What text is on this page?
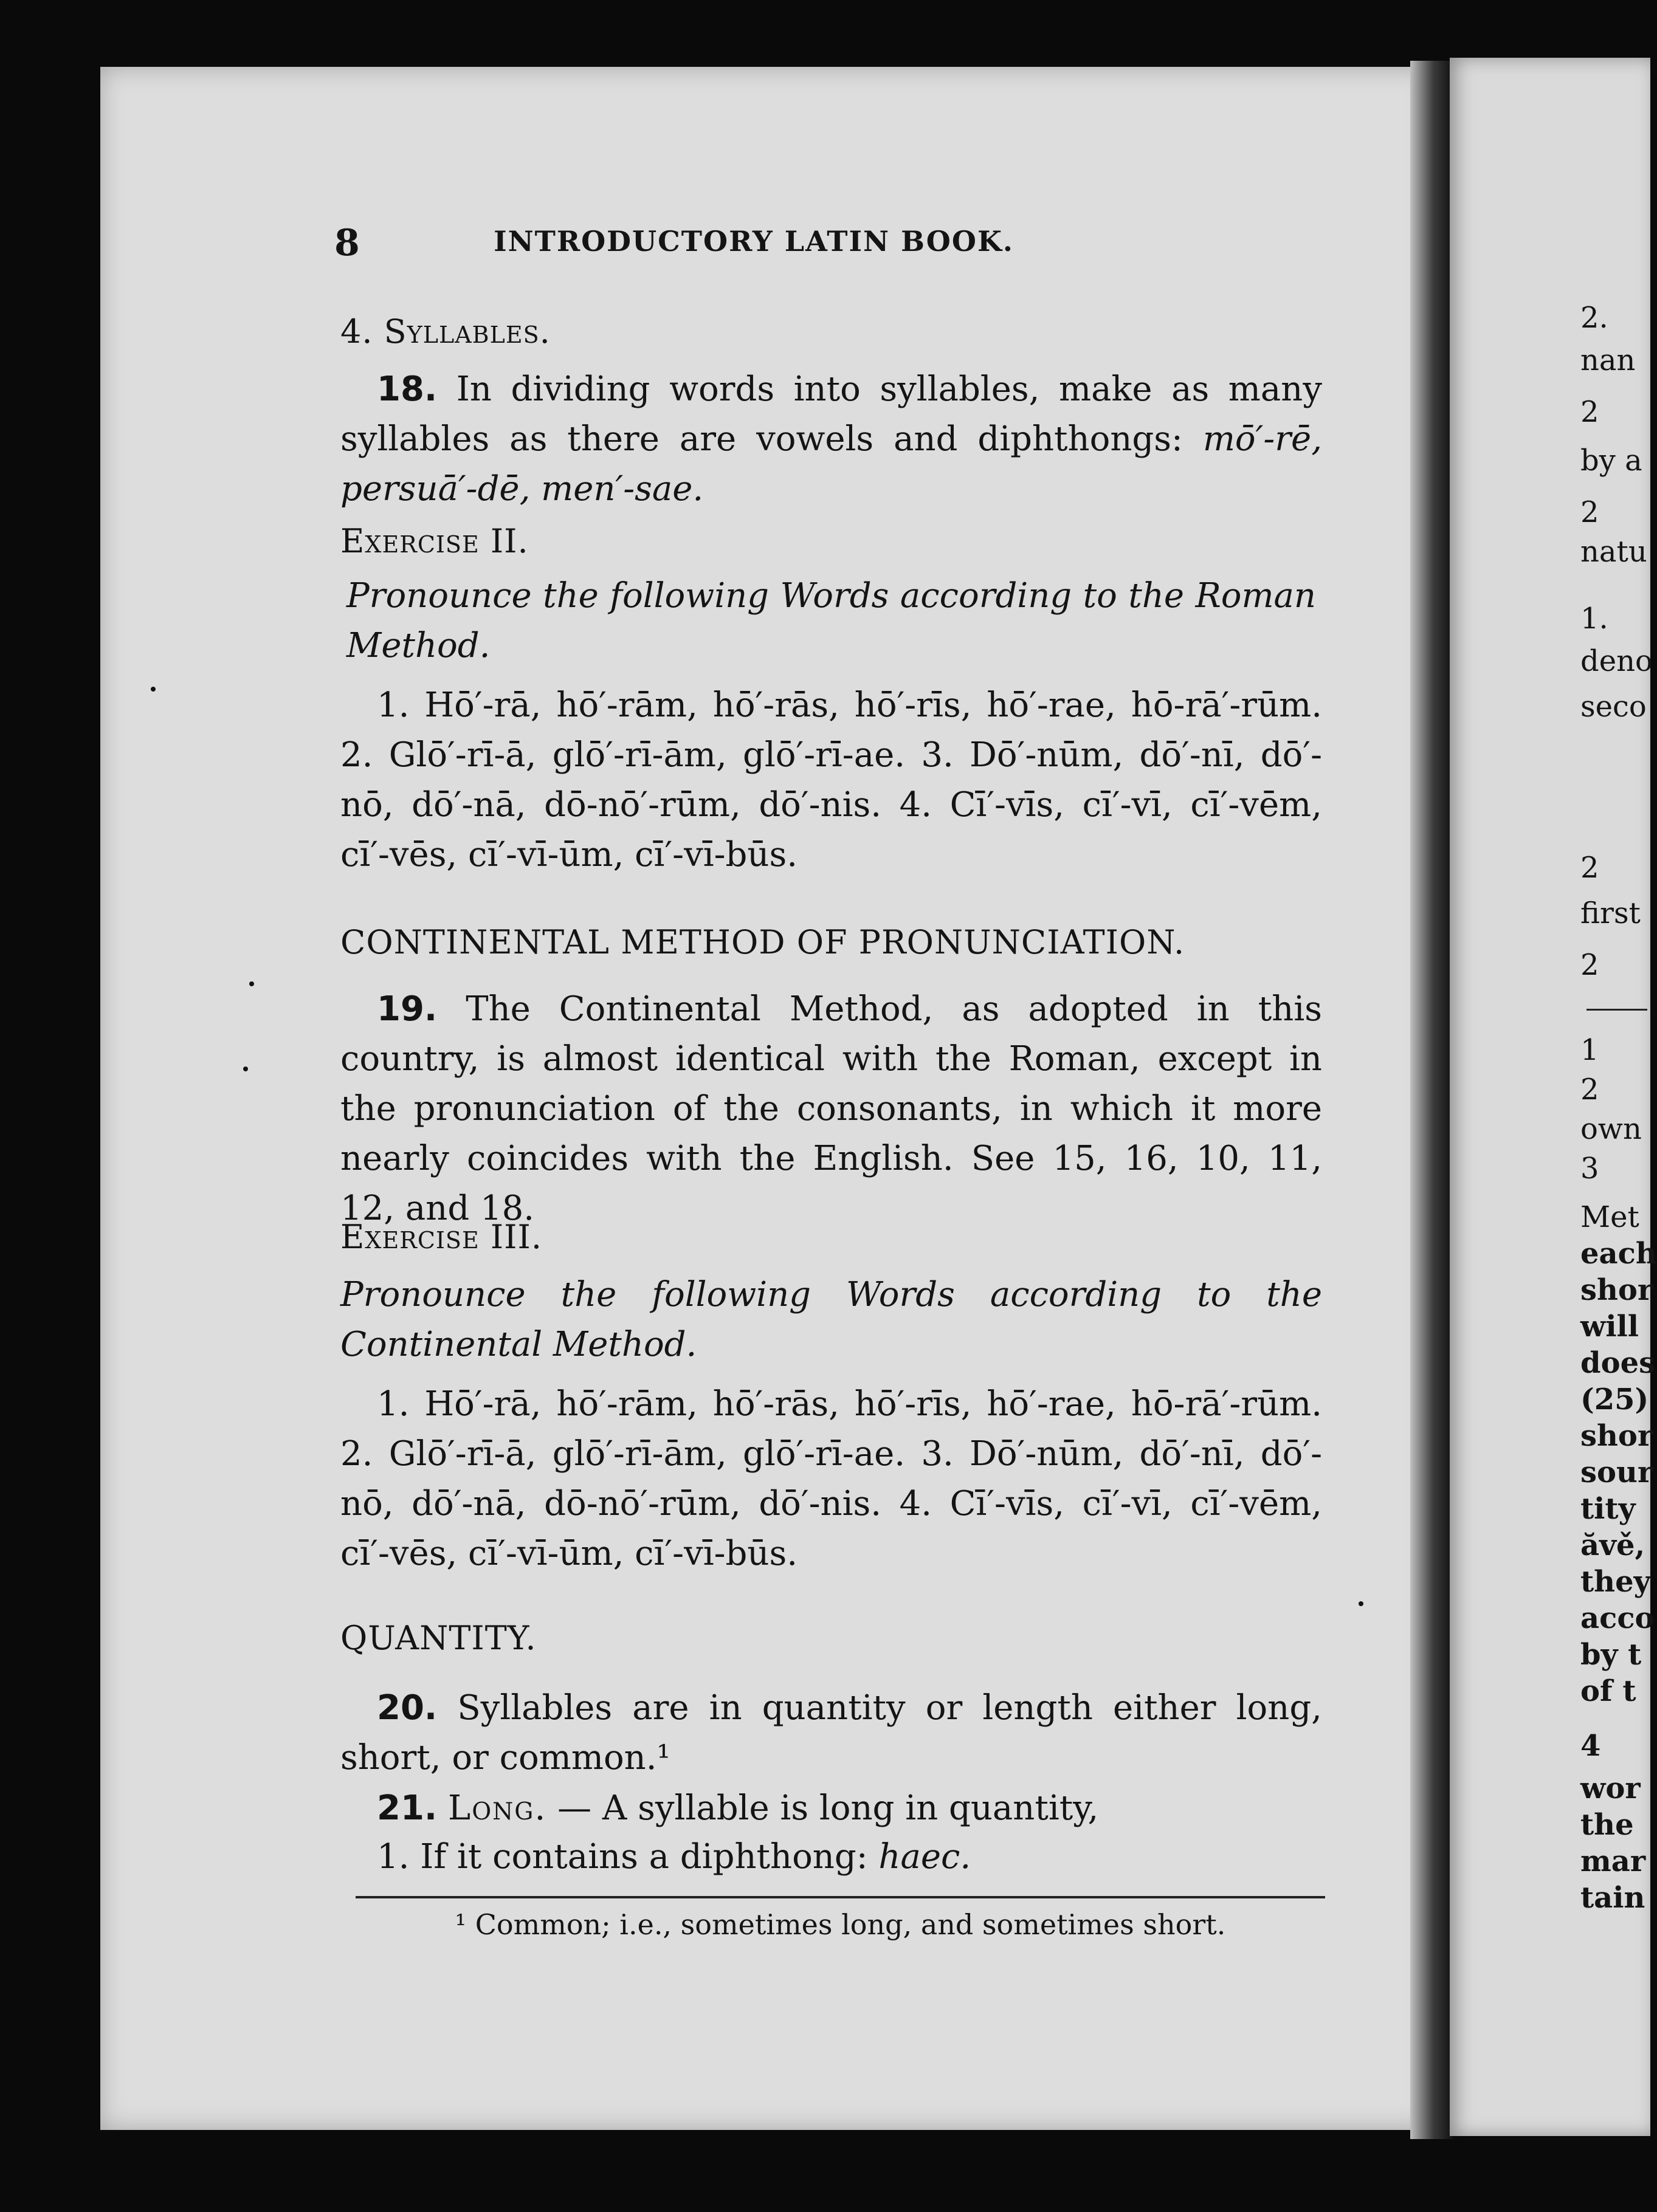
8	INTRODUCTORY LATIN BOOK.
4. Syllables.
18. In dividing words into syllables, make as many syllables as there are vowels and diphthongs: mō′-rē, persuā′-dē, men′-sae.
Exercise II.
Pronounce the following Words according to the Roman Method.
1. Hō′-rā, hō′-rām, hō′-rās, hō′-rīs, hō′-rae, hō-rā′-rūm. 2. Glō′-rī-ā, glō′-rī-ām, glō′-rī-ae. 3. Dō′-nūm, dō′-nī, dō′-nō, dō′-nā, dō-nō′-rūm, dō′-nis. 4. Cī′-vīs, cī′-vī, cī′-vēm, cī′-vēs, cī′-vī-ūm, cī′-vī-būs.
CONTINENTAL METHOD OF PRONUNCIATION.
19. The Continental Method, as adopted in this country, is almost identical with the Roman, except in the pronunciation of the consonants, in which it more nearly coincides with the English. See 15, 16, 10, 11, 12, and 18.
Exercise III.
Pronounce the following Words according to the Continental Method.
1. Hō′-rā, hō′-rām, hō′-rās, hō′-rīs, hō′-rae, hō-rā′-rūm. 2. Glō′-rī-ā, glō′-rī-ām, glō′-rī-ae. 3. Dō′-nūm, dō′-nī, dō′-nō, dō′-nā, dō-nō′-rūm, dō′-nis. 4. Cī′-vīs, cī′-vī, cī′-vēm, cī′-vēs, cī′-vī-ūm, cī′-vī-būs.
QUANTITY.
20. Syllables are in quantity or length either long, short, or common.¹
21. Long. — A syllable is long in quantity,
1. If it contains a diphthong: haec.
¹ Common; i.e., sometimes long, and sometimes short.
2.
nan
2
by a
2
natu
1.
deno
seco
2
first
2
1
2
own
3
Met
each
shor
will
does
(25)
shor
sour
tity
ăvě,
they
acco
by t
of t
4
wor
the
mar
tain
